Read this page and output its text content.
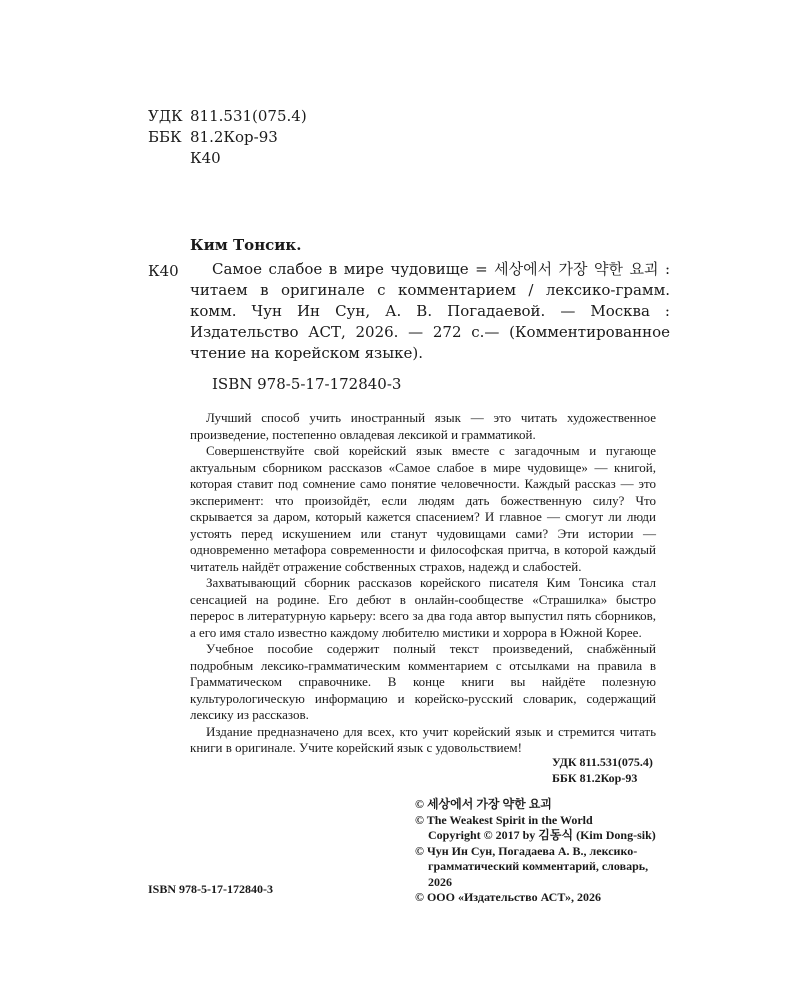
УДК 811.531(075.4)
ББК 81.2Кор-93
К40
Ким Тонсик.
К40	Самое слабое в мире чудовище = 세상에서 가장 약한 요괴 : читаем в оригинале с комментарием / лексико-грамм. комм. Чун Ин Сун, А. В. Погадаевой. — Москва : Издательство АСТ, 2026. — 272 с.— (Комментированное чтение на корейском языке).
ISBN 978-5-17-172840-3

Лучший способ учить иностранный язык — это читать художественное произведение, постепенно овладевая лексикой и грамматикой.

Совершенствуйте свой корейский язык вместе с загадочным и пугающе актуальным сборником рассказов «Самое слабое в мире чудовище» — книгой, которая ставит под сомнение само понятие человечности. Каждый рассказ — это эксперимент: что произойдёт, если людям дать божественную силу? Что скрывается за даром, который кажется спасением? И главное — смогут ли люди устоять перед искушением или станут чудовищами сами? Эти истории — одновременно метафора современности и философская притча, в которой каждый читатель найдёт отражение собственных страхов, надежд и слабостей.

Захватывающий сборник рассказов корейского писателя Ким Тонсика стал сенсацией на родине. Его дебют в онлайн-сообществе «Страшилка» быстро перерос в литературную карьеру: всего за два года автор выпустил пять сборников, а его имя стало известно каждому любителю мистики и хоррора в Южной Корее.

Учебное пособие содержит полный текст произведений, снабжённый подробным лексико-грамматическим комментарием с отсылками на правила в Грамматическом справочнике. В конце книги вы найдёте полезную культурологическую информацию и корейско-русский словарик, содержащий лексику из рассказов.

Издание предназначено для всех, кто учит корейский язык и стремится читать книги в оригинале. Учите корейский язык с удовольствием!

УДК 811.531(075.4)
ББК 81.2Кор-93
© 세상에서 가장 약한 요괴
© The Weakest Spirit in the World
Copyright © 2017 by 김동식 (Kim Dong-sik)
© Чун Ин Сун, Погадаева А. В., лексико-грамматический комментарий, словарь, 2026
© ООО «Издательство АСТ», 2026
ISBN 978-5-17-172840-3
